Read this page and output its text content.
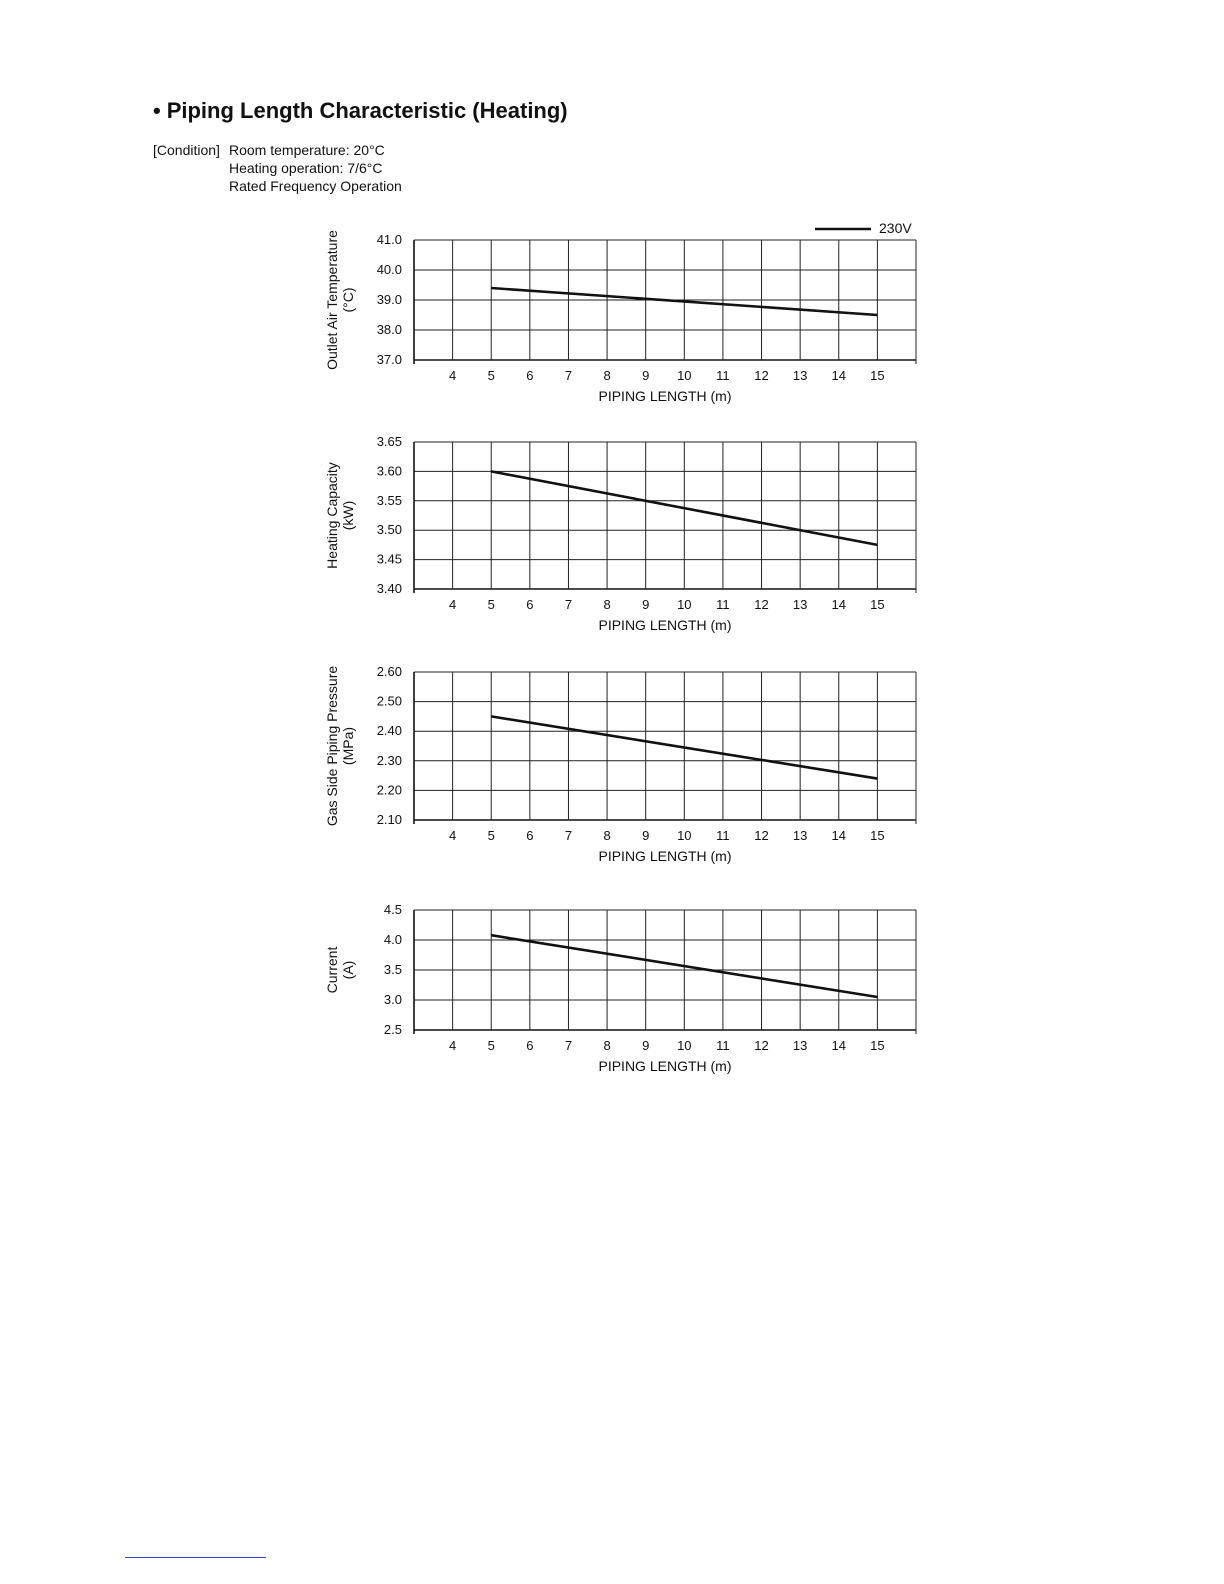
• Piping Length Characteristic (Heating)
[Condition] Room temperature: 20°C
Heating operation: 7/6°C
Rated Frequency Operation
41.0
40.0
39.0
38.0
37.0
4 5 6 7 8 9 10 11 12 13 14 15
PIPING LENGTH (m)
Outlet Air Temperature (°C)
230V
3.65
3.60
3.55
3.50
3.45
3.40
4 5 6 7 8 9 10 11 12 13 14 15
PIPING LENGTH (m)
Heating Capacity (kW)
2.60
2.50
2.40
2.30
2.20
2.10
4 5 6 7 8 9 10 11 12 13 14 15
PIPING LENGTH (m)
Gas Side Piping Pressure (MPa)
4.5
4.0
3.5
3.0
2.5
4 5 6 7 8 9 10 11 12 13 14 15
PIPING LENGTH (m)
Current (A)
